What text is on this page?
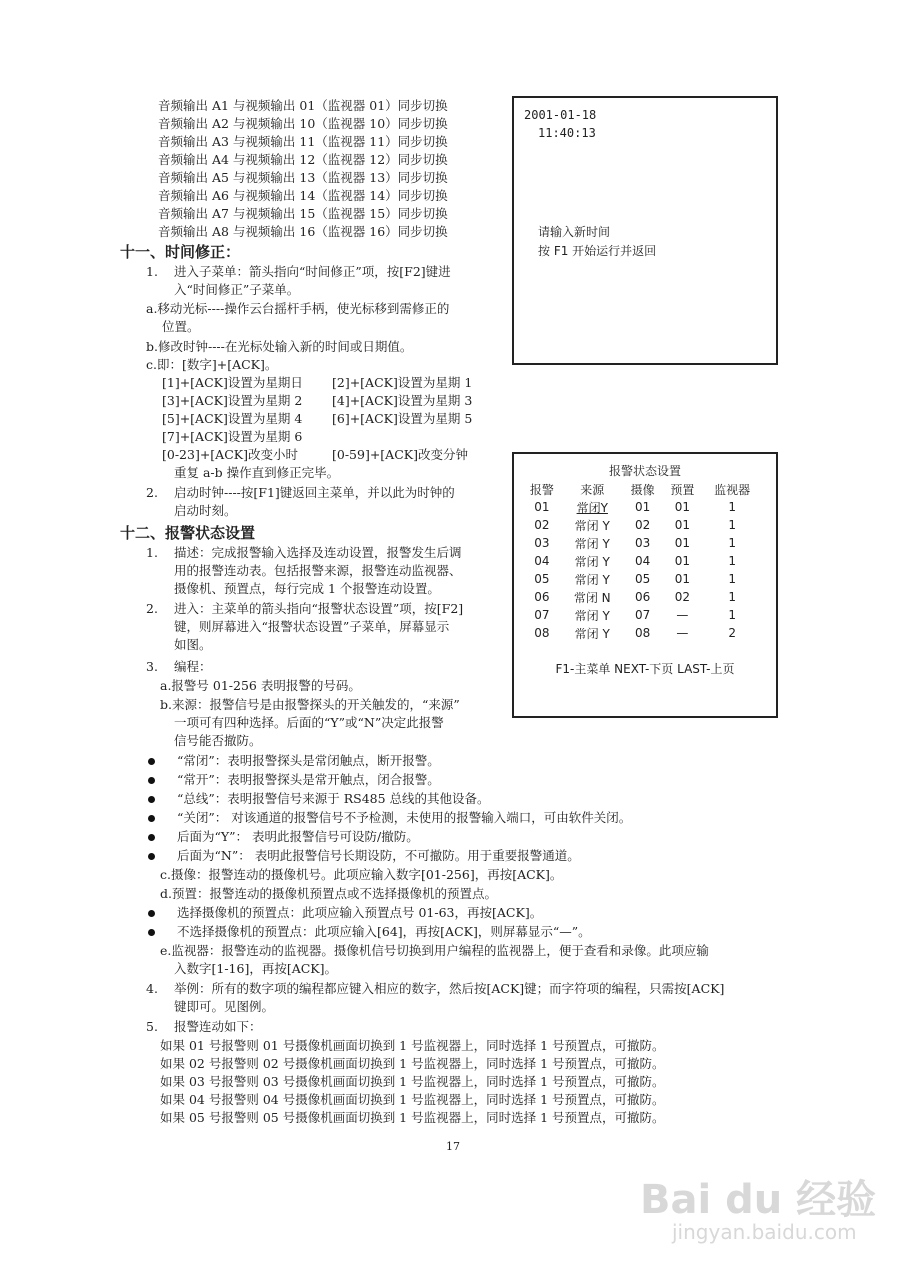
音频输出 A1 与视频输出 01（监视器 01）同步切换
音频输出 A2 与视频输出 10（监视器 10）同步切换
音频输出 A3 与视频输出 11（监视器 11）同步切换
音频输出 A4 与视频输出 12（监视器 12）同步切换
音频输出 A5 与视频输出 13（监视器 13）同步切换
音频输出 A6 与视频输出 14（监视器 14）同步切换
音频输出 A7 与视频输出 15（监视器 15）同步切换
音频输出 A8 与视频输出 16（监视器 16）同步切换
十一、时间修正：
1. 进入子菜单：箭头指向“时间修正”项，按[F2]键进
入“时间修正”子菜单。
a.移动光标----操作云台摇杆手柄，使光标移到需修正的
位置。
b.修改时钟----在光标处输入新的时间或日期值。
c.即：[数字]+[ACK]。
[1]+[ACK]设置为星期日 [2]+[ACK]设置为星期 1
[3]+[ACK]设置为星期 2 [4]+[ACK]设置为星期 3
[5]+[ACK]设置为星期 4 [6]+[ACK]设置为星期 5
[7]+[ACK]设置为星期 6
[0-23]+[ACK]改变小时	[0-59]+[ACK]改变分钟
重复 a-b 操作直到修正完毕。
2. 启动时钟----按[F1]键返回主菜单，并以此为时钟的
启动时刻。
2001-01-18
11:40:13
请输入新时间
按 F1 开始运行并返回
报警状态设置
报警	来源	摄像	预置	监视器
01	常闭Y	01	01	1
02	常闭 Y	02	01	1
03	常闭 Y	03	01	1
04	常闭 Y	04	01	1
05	常闭 Y	05	01	1
06	常闭 N	06	02	1
07	常闭 Y	07	—	1
08	常闭 Y	08	—	2
F1-主菜单 NEXT-下页 LAST-上页
十二、报警状态设置
1. 描述：完成报警输入选择及连动设置，报警发生后调
用的报警连动表。包括报警来源，报警连动监视器、
摄像机、预置点，每行完成 1 个报警连动设置。
2. 进入：主菜单的箭头指向“报警状态设置”项，按[F2]
键，则屏幕进入“报警状态设置”子菜单，屏幕显示
如图。
3. 编程：
a.报警号 01-256 表明报警的号码。
b.来源：报警信号是由报警探头的开关触发的，“来源”
一项可有四种选择。后面的“Y”或“N”决定此报警
信号能否撤防。
“常闭”：表明报警探头是常闭触点，断开报警。
“常开”：表明报警探头是常开触点，闭合报警。
“总线”：表明报警信号来源于 RS485 总线的其他设备。
“关闭”： 对该通道的报警信号不予检测，未使用的报警输入端口，可由软件关闭。
后面为“Y”： 表明此报警信号可设防/撤防。
后面为“N”： 表明此报警信号长期设防，不可撤防。用于重要报警通道。
c.摄像：报警连动的摄像机号。此项应输入数字[01-256]，再按[ACK]。
d.预置：报警连动的摄像机预置点或不选择摄像机的预置点。
选择摄像机的预置点：此项应输入预置点号 01-63，再按[ACK]。
不选择摄像机的预置点：此项应输入[64]，再按[ACK]，则屏幕显示“—”。
e.监视器：报警连动的监视器。摄像机信号切换到用户编程的监视器上，便于查看和录像。此项应输
入数字[1-16]，再按[ACK]。
4. 举例：所有的数字项的编程都应键入相应的数字，然后按[ACK]键；而字符项的编程，只需按[ACK]
键即可。见图例。
5. 报警连动如下：
如果 01 号报警则 01 号摄像机画面切换到 1 号监视器上，同时选择 1 号预置点，可撤防。
如果 02 号报警则 02 号摄像机画面切换到 1 号监视器上，同时选择 1 号预置点，可撤防。
如果 03 号报警则 03 号摄像机画面切换到 1 号监视器上，同时选择 1 号预置点，可撤防。
如果 04 号报警则 04 号摄像机画面切换到 1 号监视器上，同时选择 1 号预置点，可撤防。
如果 05 号报警则 05 号摄像机画面切换到 1 号监视器上，同时选择 1 号预置点，可撤防。
17
Bai du 经验
jingyan.baidu.com
